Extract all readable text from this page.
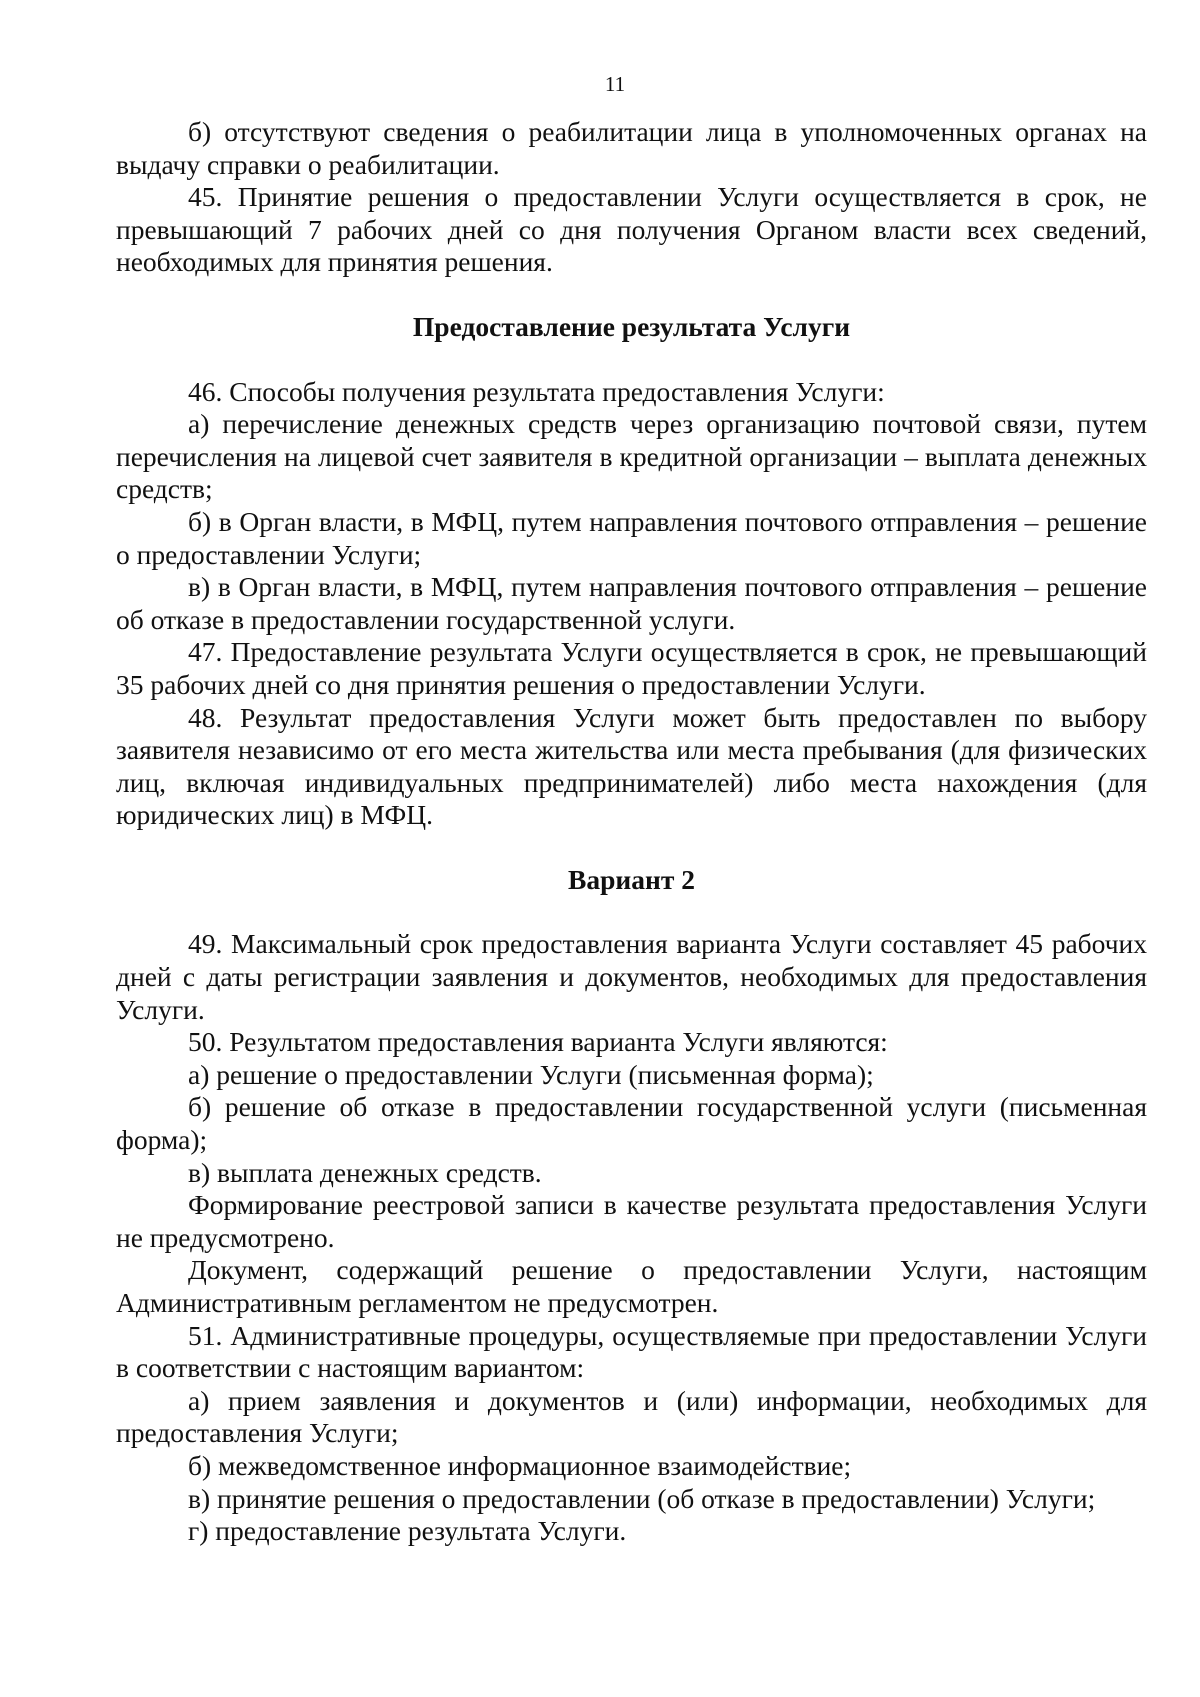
11

б) отсутствуют сведения о реабилитации лица в уполномоченных органах на выдачу справки о реабилитации.

45. Принятие решения о предоставлении Услуги осуществляется в срок, не превышающий 7 рабочих дней со дня получения Органом власти всех сведений, необходимых для принятия решения.

Предоставление результата Услуги

46. Способы получения результата предоставления Услуги:

а) перечисление денежных средств через организацию почтовой связи, путем перечисления на лицевой счет заявителя в кредитной организации – выплата денежных средств;

б) в Орган власти, в МФЦ, путем направления почтового отправления – решение о предоставлении Услуги;

в) в Орган власти, в МФЦ, путем направления почтового отправления – решение об отказе в предоставлении государственной услуги.

47. Предоставление результата Услуги осуществляется в срок, не превышающий 35 рабочих дней со дня принятия решения о предоставлении Услуги.

48. Результат предоставления Услуги может быть предоставлен по выбору заявителя независимо от его места жительства или места пребывания (для физических лиц, включая индивидуальных предпринимателей) либо места нахождения (для юридических лиц) в МФЦ.

Вариант 2

49. Максимальный срок предоставления варианта Услуги составляет 45 рабочих дней с даты регистрации заявления и документов, необходимых для предоставления Услуги.

50. Результатом предоставления варианта Услуги являются:

а) решение о предоставлении Услуги (письменная форма);

б) решение об отказе в предоставлении государственной услуги (письменная форма);

в) выплата денежных средств.

Формирование реестровой записи в качестве результата предоставления Услуги не предусмотрено.

Документ, содержащий решение о предоставлении Услуги, настоящим Административным регламентом не предусмотрен.

51. Административные процедуры, осуществляемые при предоставлении Услуги в соответствии с настоящим вариантом:

а) прием заявления и документов и (или) информации, необходимых для предоставления Услуги;

б) межведомственное информационное взаимодействие;

в) принятие решения о предоставлении (об отказе в предоставлении) Услуги;

г) предоставление результата Услуги.
